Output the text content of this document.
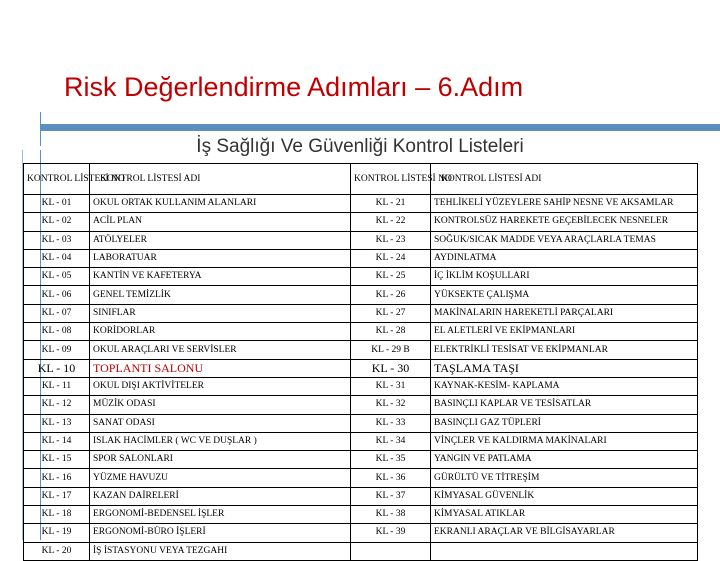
Risk Değerlendirme Adımları – 6.Adım
İş Sağlığı Ve Güvenliği Kontrol Listeleri
KONTROL LİSTESİ NO	KONTROL LİSTESİ ADI	KONTROL LİSTESİ NO	KONTROL LİSTESİ ADI
KL - 01	OKUL ORTAK KULLANIM ALANLARI	KL - 21	TEHLİKELİ YÜZEYLERE SAHİP NESNE VE AKSAMLAR
KL - 02	ACİL PLAN	KL - 22	KONTROLSÜZ HAREKETE GEÇEBİLECEK NESNELER
KL - 03	ATÖLYELER	KL - 23	SOĞUK/SICAK MADDE VEYA ARAÇLARLA TEMAS
KL - 04	LABORATUAR	KL - 24	AYDINLATMA
KL - 05	KANTİN VE KAFETERYA	KL - 25	İÇ İKLİM KOŞULLARI
KL - 06	GENEL TEMİZLİK	KL - 26	YÜKSEKTE ÇALIŞMA
KL - 07	SINIFLAR	KL - 27	MAKİNALARIN HAREKETLİ PARÇALARI
KL - 08	KORİDORLAR	KL - 28	EL ALETLERİ VE EKİPMANLARI
KL - 09	OKUL ARAÇLARI VE SERVİSLER	KL - 29 B	ELEKTRİKLİ TESİSAT VE EKİPMANLAR
KL - 10	TOPLANTI SALONU	KL - 30	TAŞLAMA TAŞI
KL - 11	OKUL DIŞI AKTİVİTELER	KL - 31	KAYNAK-KESİM- KAPLAMA
KL - 12	MÜZİK ODASI	KL - 32	BASINÇLI KAPLAR VE TESİSATLAR
KL - 13	SANAT ODASI	KL - 33	BASINÇLI GAZ TÜPLERİ
KL - 14	ISLAK HACİMLER ( WC VE DUŞLAR )	KL - 34	VİNÇLER VE KALDIRMA MAKİNALARI
KL - 15	SPOR SALONLARI	KL - 35	YANGIN VE PATLAMA
KL - 16	YÜZME HAVUZU	KL - 36	GÜRÜLTÜ VE TİTREŞİM
KL - 17	KAZAN DAİRELERİ	KL - 37	KİMYASAL GÜVENLİK
KL - 18	ERGONOMİ-BEDENSEL İŞLER	KL - 38	KİMYASAL ATIKLAR
KL - 19	ERGONOMİ-BÜRO İŞLERİ	KL - 39	EKRANLI ARAÇLAR VE BİLGİSAYARLAR
KL - 20	İŞ İSTASYONU VEYA TEZGAHI		
